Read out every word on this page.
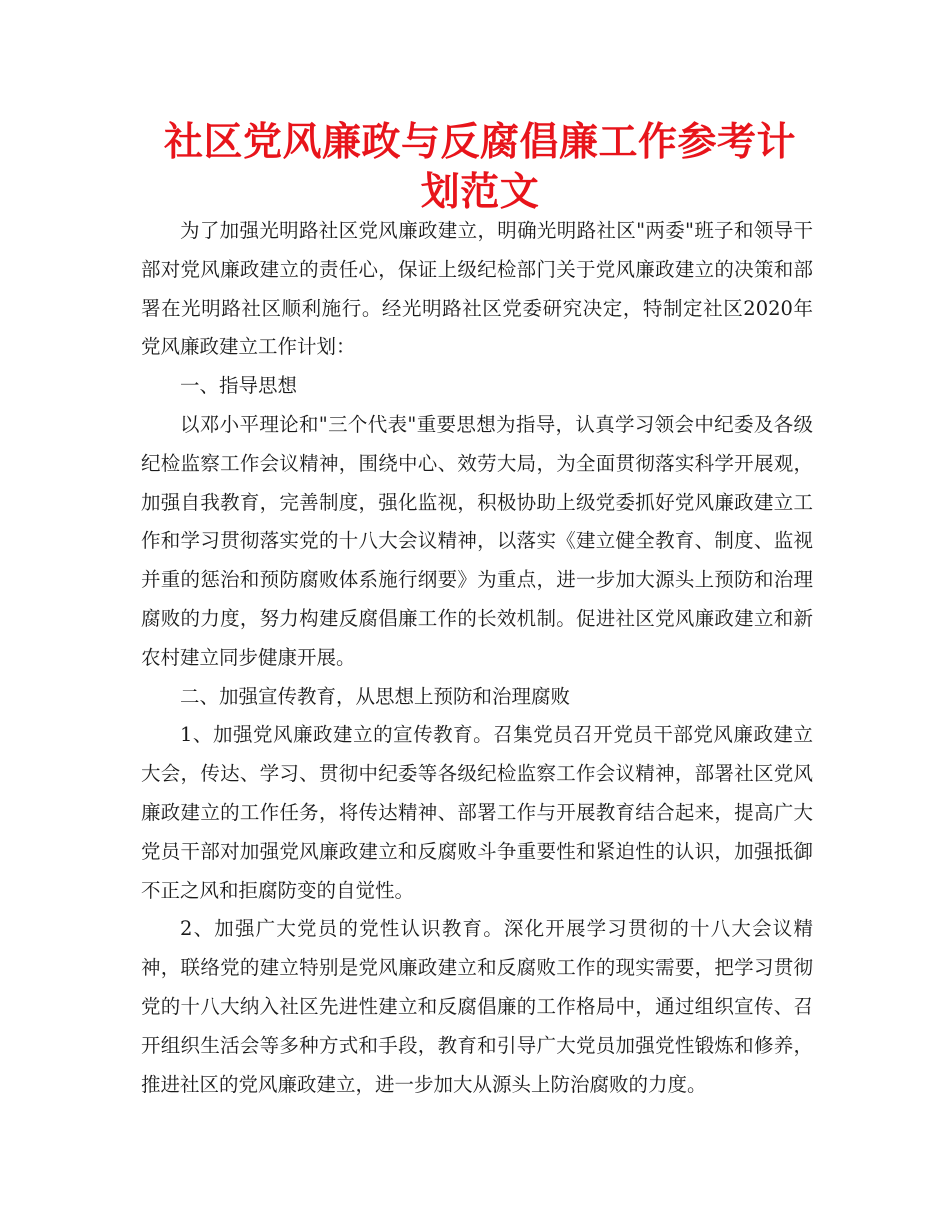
社区党风廉政与反腐倡廉工作参考计划范文

为了加强光明路社区党风廉政建立，明确光明路社区"两委"班子和领导干部对党风廉政建立的责任心，保证上级纪检部门关于党风廉政建立的决策和部署在光明路社区顺利施行。经光明路社区党委研究决定，特制定社区2020年党风廉政建立工作计划：

一、指导思想

以邓小平理论和"三个代表"重要思想为指导，认真学习领会中纪委及各级纪检监察工作会议精神，围绕中心、效劳大局，为全面贯彻落实科学开展观，加强自我教育，完善制度，强化监视，积极协助上级党委抓好党风廉政建立工作和学习贯彻落实党的十八大会议精神，以落实《建立健全教育、制度、监视并重的惩治和预防腐败体系施行纲要》为重点，进一步加大源头上预防和治理腐败的力度，努力构建反腐倡廉工作的长效机制。促进社区党风廉政建立和新农村建立同步健康开展。

二、加强宣传教育，从思想上预防和治理腐败

1、加强党风廉政建立的宣传教育。召集党员召开党员干部党风廉政建立大会，传达、学习、贯彻中纪委等各级纪检监察工作会议精神，部署社区党风廉政建立的工作任务，将传达精神、部署工作与开展教育结合起来，提高广大党员干部对加强党风廉政建立和反腐败斗争重要性和紧迫性的认识，加强抵御不正之风和拒腐防变的自觉性。

2、加强广大党员的党性认识教育。深化开展学习贯彻的十八大会议精神，联络党的建立特别是党风廉政建立和反腐败工作的现实需要，把学习贯彻党的十八大纳入社区先进性建立和反腐倡廉的工作格局中，通过组织宣传、召开组织生活会等多种方式和手段，教育和引导广大党员加强党性锻炼和修养，推进社区的党风廉政建立，进一步加大从源头上防治腐败的力度。
